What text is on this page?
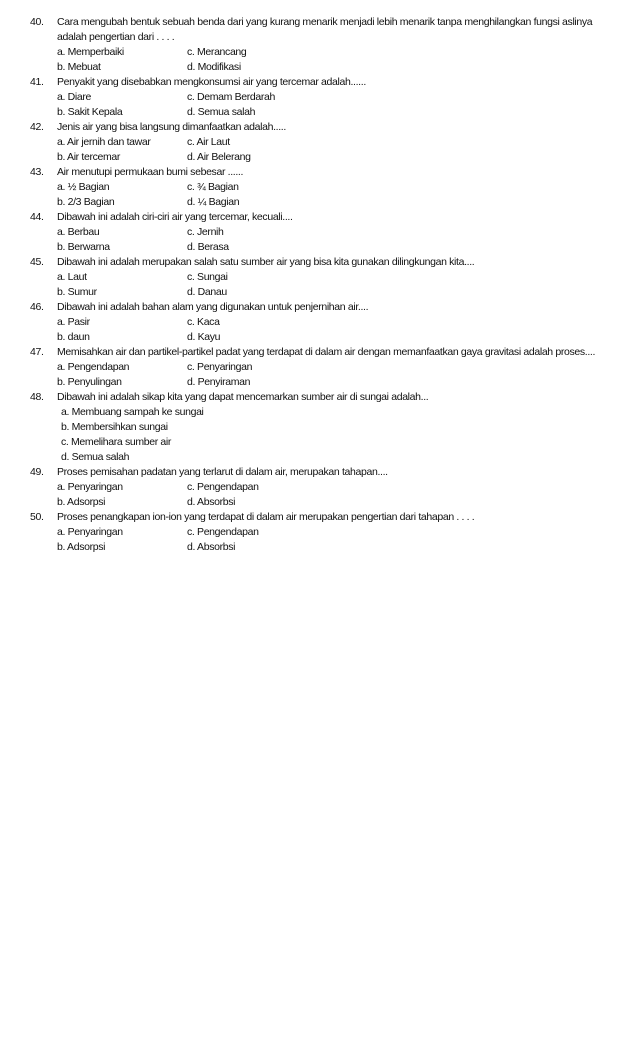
40.	Cara mengubah bentuk sebuah benda dari yang kurang menarik menjadi lebih menarik tanpa menghilangkan fungsi aslinya adalah pengertian dari . . . .
a. Memperbaiki	c. Merancang
b. Mebuat	d. Modifikasi
41.	Penyakit yang disebabkan mengkonsumsi air yang tercemar adalah......
a. Diare	c. Demam Berdarah
b. Sakit Kepala	d. Semua salah
42.	Jenis air yang bisa langsung dimanfaatkan adalah.....
a. Air jernih dan tawar	c. Air Laut
b. Air tercemar	d. Air Belerang
43.	Air menutupi permukaan bumi sebesar ......
a. ½ Bagian	c. ¾ Bagian
b. 2/3 Bagian	d. ¼ Bagian
44.	Dibawah ini adalah ciri-ciri air yang tercemar, kecuali....
a. Berbau	c. Jernih
b. Berwarna	d. Berasa
45.	Dibawah ini adalah merupakan salah satu sumber air yang bisa kita gunakan dilingkungan kita....
a. Laut	c. Sungai
b. Sumur	d. Danau
46.	Dibawah ini adalah bahan alam yang digunakan untuk penjernihan air....
a. Pasir	c. Kaca
b. daun	d. Kayu
47.	Memisahkan air dan partikel-partikel padat yang terdapat di dalam air dengan memanfaatkan gaya gravitasi adalah proses....
a. Pengendapan	c. Penyaringan
b. Penyulingan	d. Penyiraman
48.	Dibawah ini adalah sikap kita yang dapat mencemarkan sumber air di sungai adalah...
a. Membuang sampah ke sungai
b. Membersihkan sungai
c. Memelihara sumber air
d. Semua salah
49.	Proses pemisahan padatan yang terlarut di dalam air, merupakan tahapan....
a. Penyaringan	c. Pengendapan
b. Adsorpsi	d. Absorbsi
50.	Proses penangkapan ion-ion yang terdapat di dalam air merupakan pengertian dari tahapan . . . .
a. Penyaringan	c. Pengendapan
b. Adsorpsi	d. Absorbsi
